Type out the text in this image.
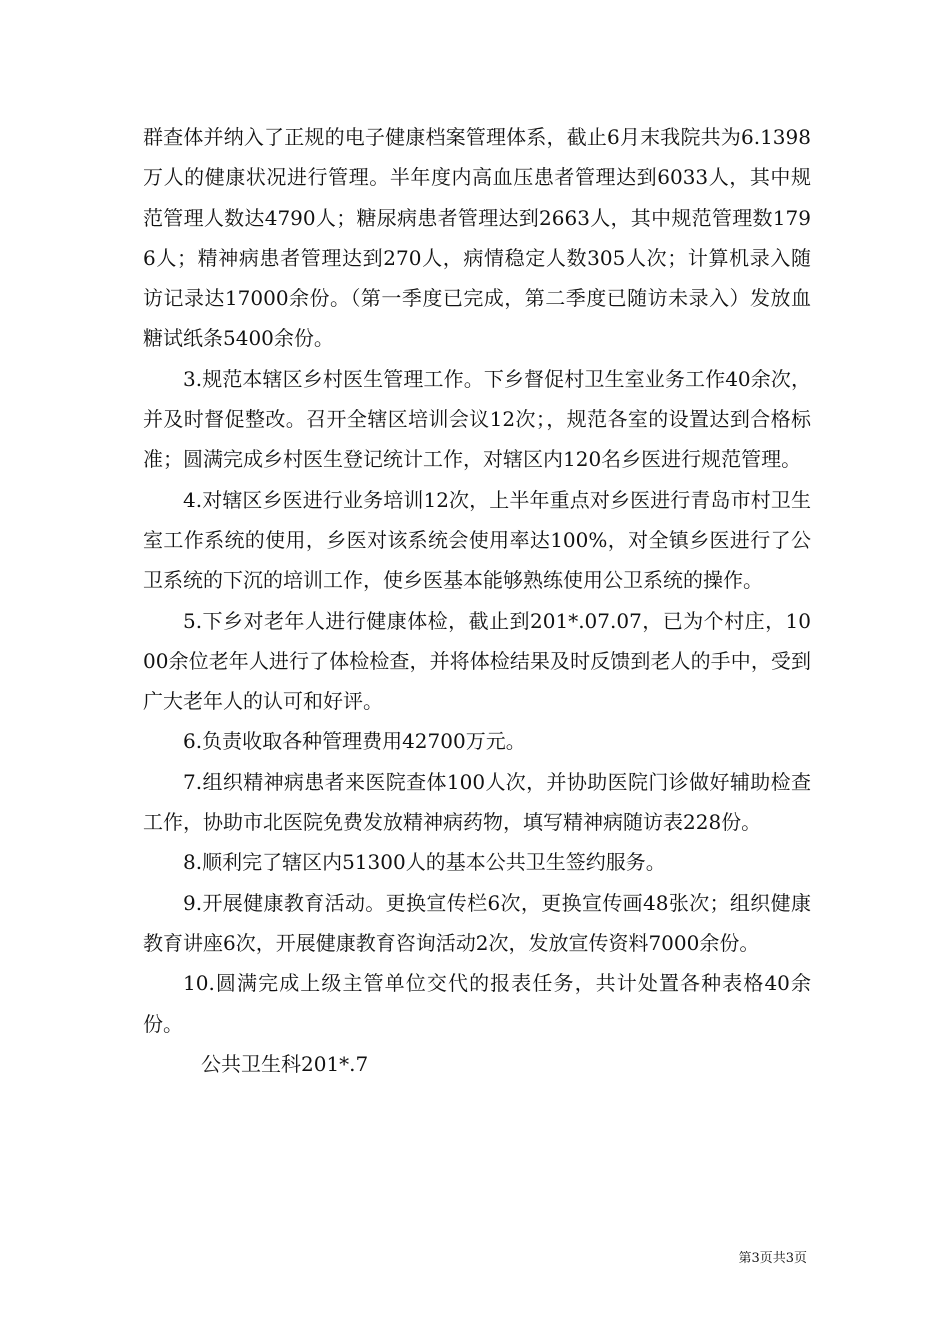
群查体并纳入了正规的电子健康档案管理体系，截止6月末我院共为6.1398万人的健康状况进行管理。半年度内高血压患者管理达到6033人，其中规范管理人数达4790人；糖尿病患者管理达到2663人，其中规范管理数1796人；精神病患者管理达到270人，病情稳定人数305人次；计算机录入随访记录达17000余份。（第一季度已完成，第二季度已随访未录入）发放血糖试纸条5400余份。

3.规范本辖区乡村医生管理工作。下乡督促村卫生室业务工作40余次，并及时督促整改。召开全辖区培训会议12次；，规范各室的设置达到合格标准；圆满完成乡村医生登记统计工作，对辖区内120名乡医进行规范管理。

4.对辖区乡医进行业务培训12次，上半年重点对乡医进行青岛市村卫生室工作系统的使用，乡医对该系统会使用率达100%，对全镇乡医进行了公卫系统的下沉的培训工作，使乡医基本能够熟练使用公卫系统的操作。

5.下乡对老年人进行健康体检，截止到201*.07.07，已为个村庄，1000余位老年人进行了体检检查，并将体检结果及时反馈到老人的手中，受到广大老年人的认可和好评。

6.负责收取各种管理费用42700万元。

7.组织精神病患者来医院查体100人次，并协助医院门诊做好辅助检查工作，协助市北医院免费发放精神病药物，填写精神病随访表228份。

8.顺利完了辖区内51300人的基本公共卫生签约服务。

9.开展健康教育活动。更换宣传栏6次，更换宣传画48张次；组织健康教育讲座6次，开展健康教育咨询活动2次，发放宣传资料7000余份。

10.圆满完成上级主管单位交代的报表任务，共计处置各种表格40余份。

公共卫生科201*.7

第3页共3页
